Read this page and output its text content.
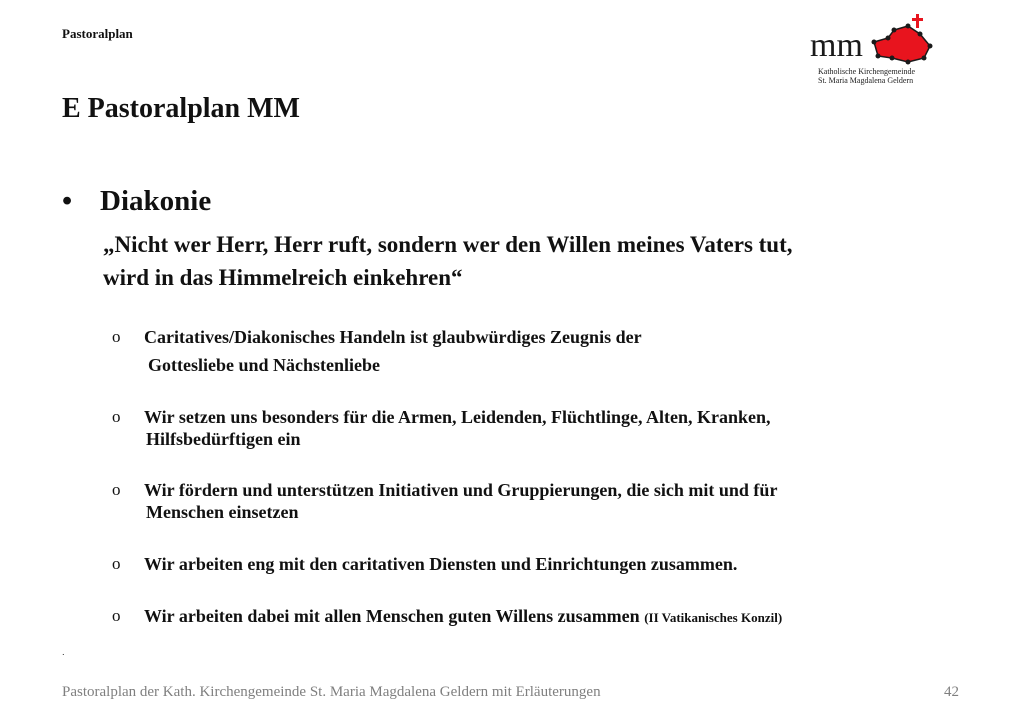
Pastoralplan	mm
Katholische Kirchengemeinde
St. Maria Magdalena Geldern
E Pastoralplan MM
• Diakonie
„Nicht wer Herr, Herr ruft, sondern wer den Willen meines Vaters tut,
wird in das Himmelreich einkehren“
o Caritatives/Diakonisches Handeln ist glaubwürdiges Zeugnis der
Gottesliebe und Nächstenliebe
o Wir setzen uns besonders für die Armen, Leidenden, Flüchtlinge, Alten, Kranken,
Hilfsbedürftigen ein
o Wir fördern und unterstützen Initiativen und Gruppierungen, die sich mit und für
Menschen einsetzen
o Wir arbeiten eng mit den caritativen Diensten und Einrichtungen zusammen.
o Wir arbeiten dabei mit allen Menschen guten Willens zusammen (II Vatikanisches Konzil)
.
Pastoralplan der Kath. Kirchengemeinde St. Maria Magdalena Geldern mit Erläuterungen	42
